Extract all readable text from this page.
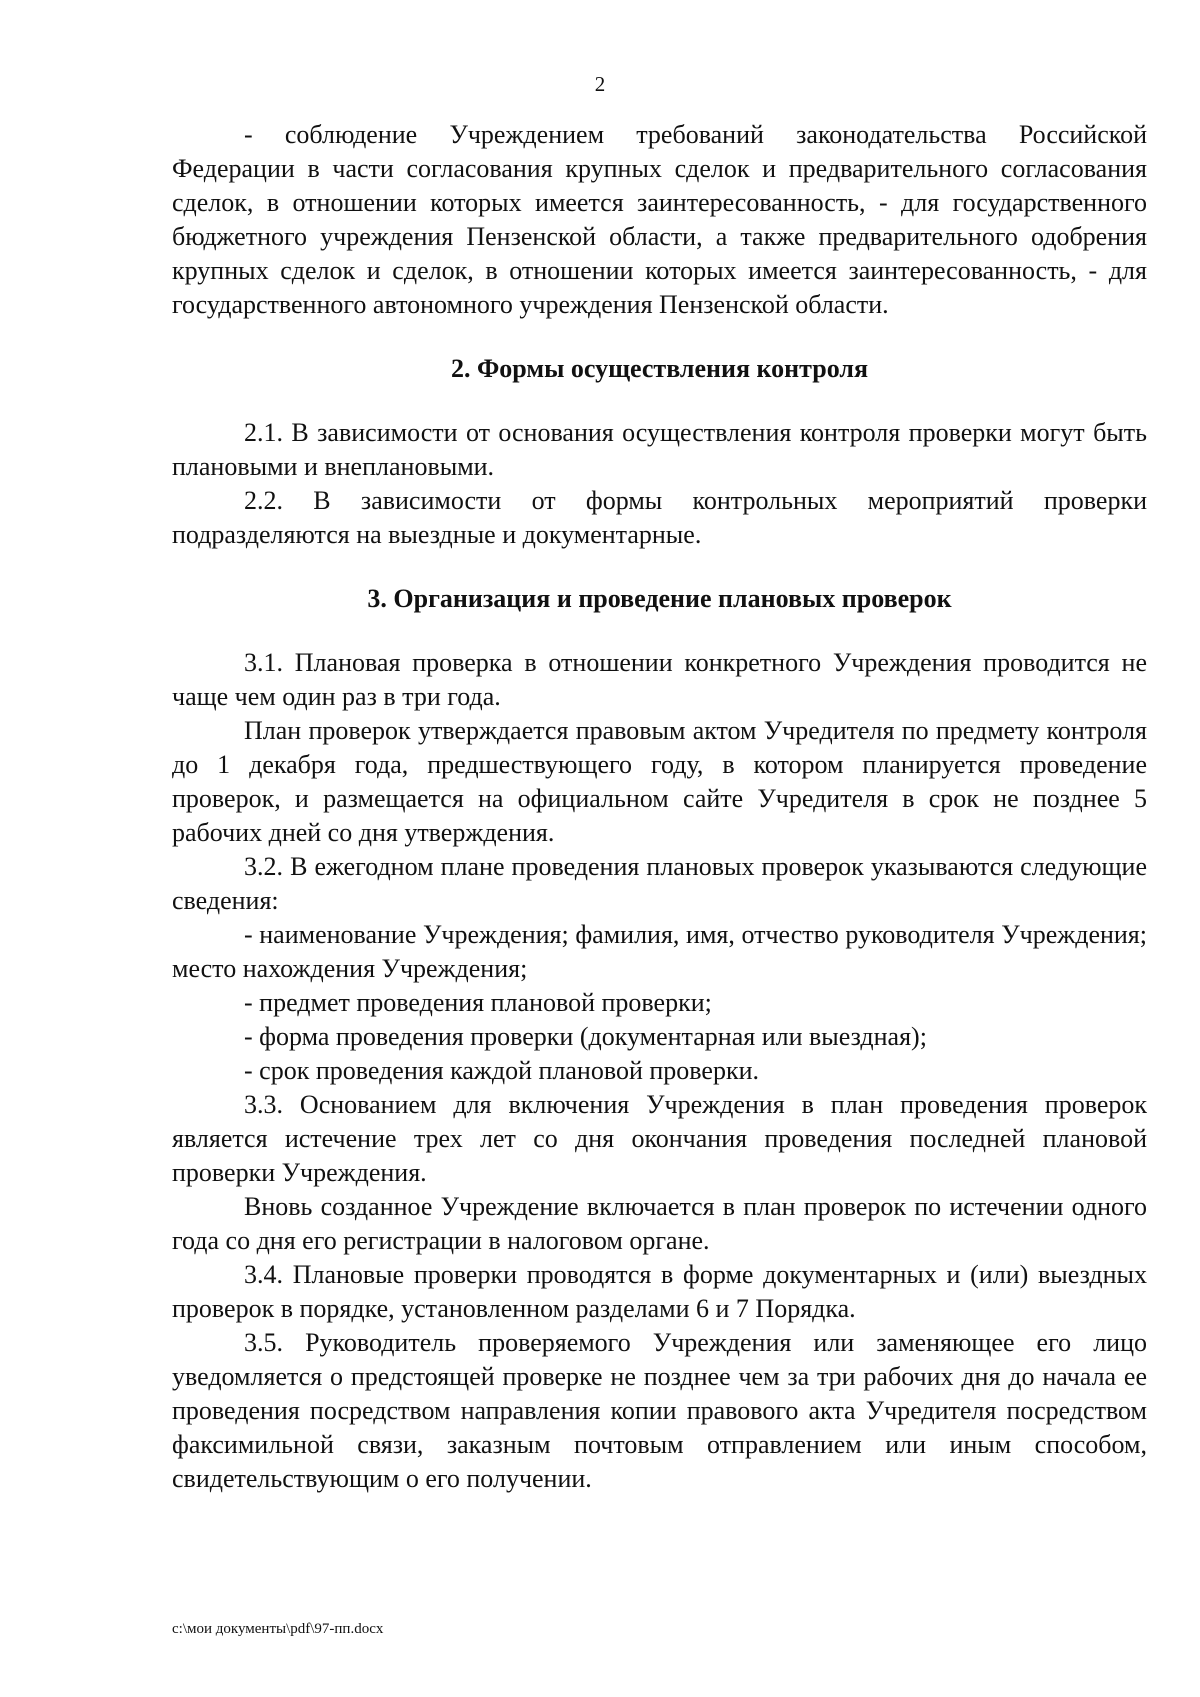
2

- соблюдение Учреждением требований законодательства Российской Федерации в части согласования крупных сделок и предварительного согласования сделок, в отношении которых имеется заинтересованность, - для государственного бюджетного учреждения Пензенской области, а также предварительного одобрения крупных сделок и сделок, в отношении которых имеется заинтересованность, - для государственного автономного учреждения Пензенской области.

2. Формы осуществления контроля

2.1. В зависимости от основания осуществления контроля проверки могут быть плановыми и внеплановыми.

2.2. В зависимости от формы контрольных мероприятий проверки подразделяются на выездные и документарные.

3. Организация и проведение плановых проверок

3.1. Плановая проверка в отношении конкретного Учреждения проводится не чаще чем один раз в три года.

План проверок утверждается правовым актом Учредителя по предмету контроля до 1 декабря года, предшествующего году, в котором планируется проведение проверок, и размещается на официальном сайте Учредителя в срок не позднее 5 рабочих дней со дня утверждения.

3.2. В ежегодном плане проведения плановых проверок указываются следующие сведения:

- наименование Учреждения; фамилия, имя, отчество руководителя Учреждения; место нахождения Учреждения;

- предмет проведения плановой проверки;

- форма проведения проверки (документарная или выездная);

- срок проведения каждой плановой проверки.

3.3. Основанием для включения Учреждения в план проведения проверок является истечение трех лет со дня окончания проведения последней плановой проверки Учреждения.

Вновь созданное Учреждение включается в план проверок по истечении одного года со дня его регистрации в налоговом органе.

3.4. Плановые проверки проводятся в форме документарных и (или) выездных проверок в порядке, установленном разделами 6 и 7 Порядка.

3.5. Руководитель проверяемого Учреждения или заменяющее его лицо уведомляется о предстоящей проверке не позднее чем за три рабочих дня до начала ее проведения посредством направления копии правового акта Учредителя посредством факсимильной связи, заказным почтовым отправлением или иным способом, свидетельствующим о его получении.

c:\мои документы\pdf\97-пп.docx
